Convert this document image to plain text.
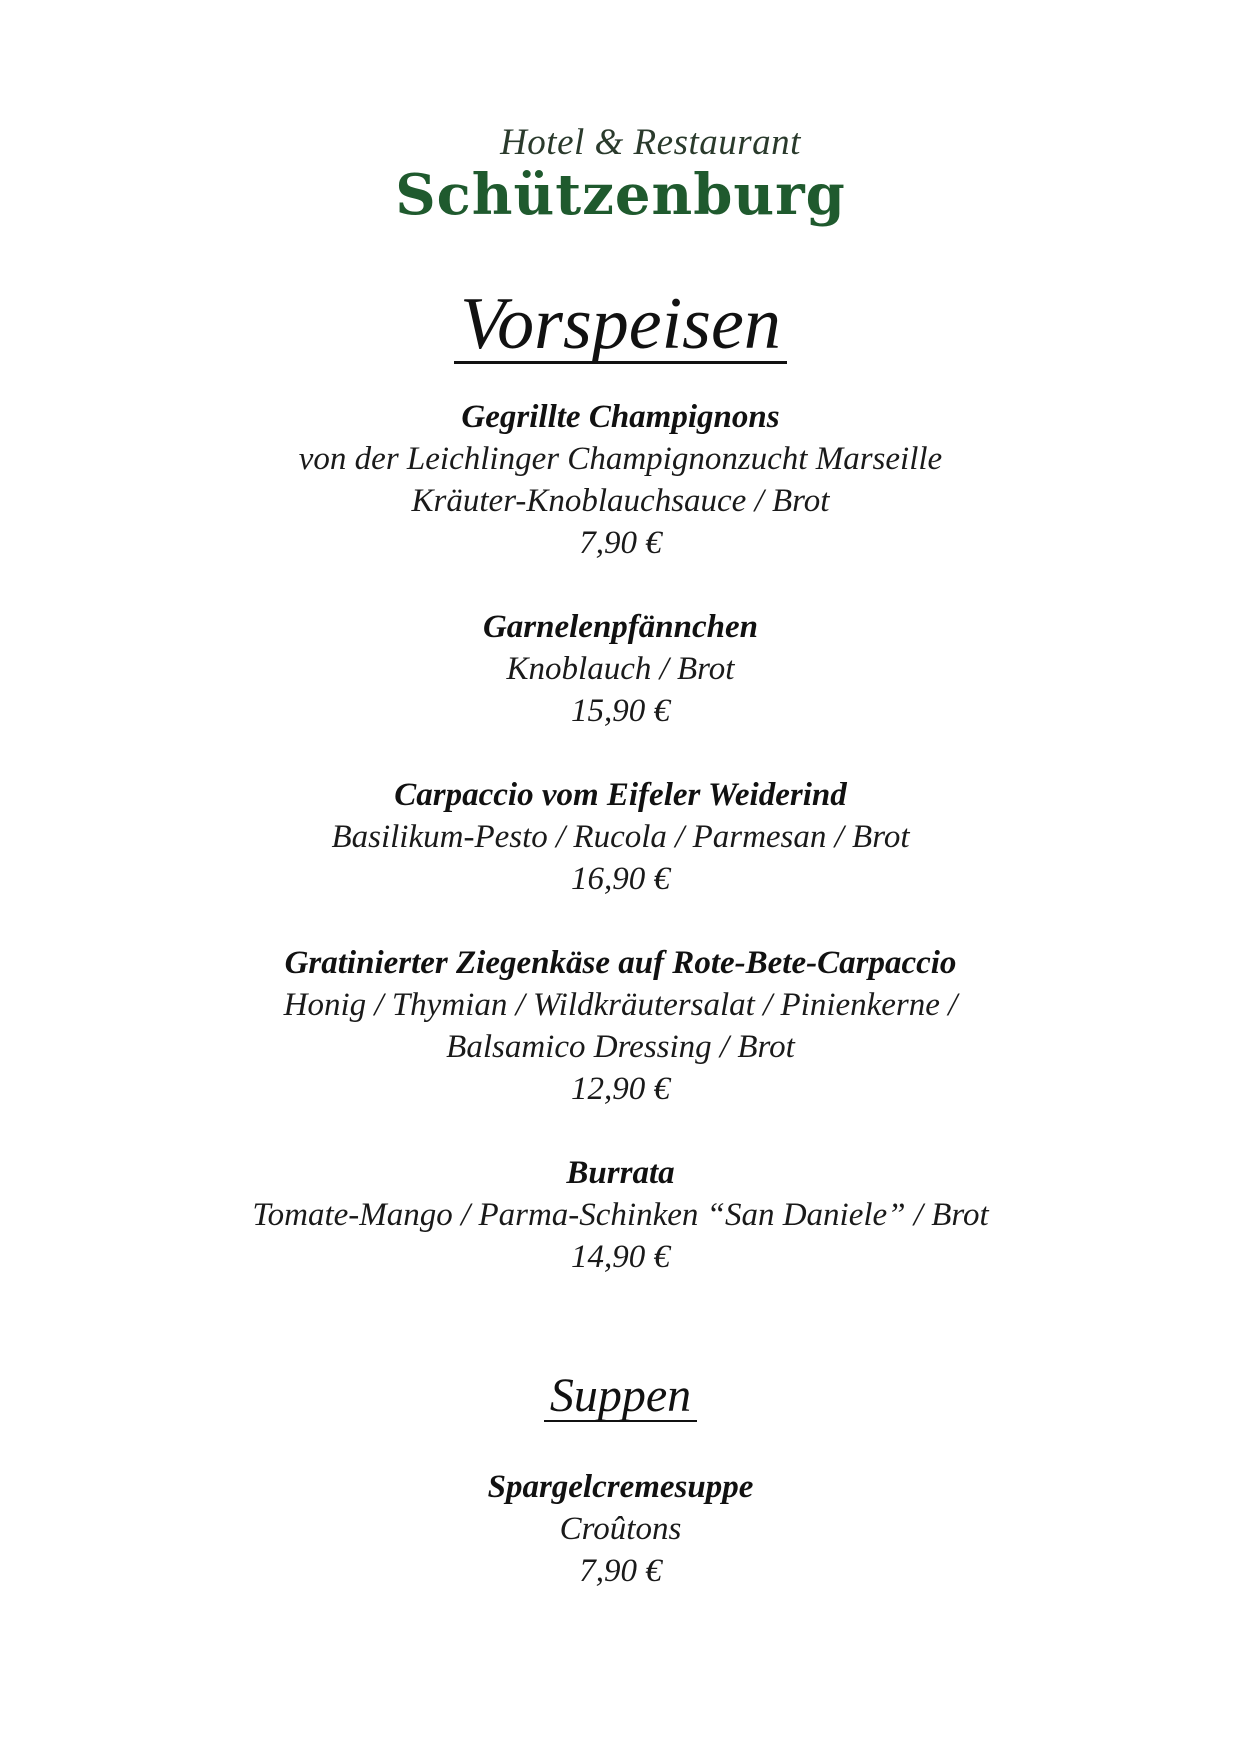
Hotel & Restaurant
Schützenburg
Vorspeisen
Gegrillte Champignons
von der Leichlinger Champignonzucht Marseille
Kräuter-Knoblauchsauce / Brot
7,90 €
Garnelenpfännchen
Knoblauch / Brot
15,90 €
Carpaccio vom Eifeler Weiderind
Basilikum-Pesto / Rucola / Parmesan / Brot
16,90 €
Gratinierter Ziegenkäse auf Rote-Bete-Carpaccio
Honig / Thymian / Wildkräutersalat / Pinienkerne /
Balsamico Dressing / Brot
12,90 €
Burrata
Tomate-Mango / Parma-Schinken “San Daniele” / Brot
14,90 €
Suppen
Spargelcremesuppe
Croûtons
7,90 €
